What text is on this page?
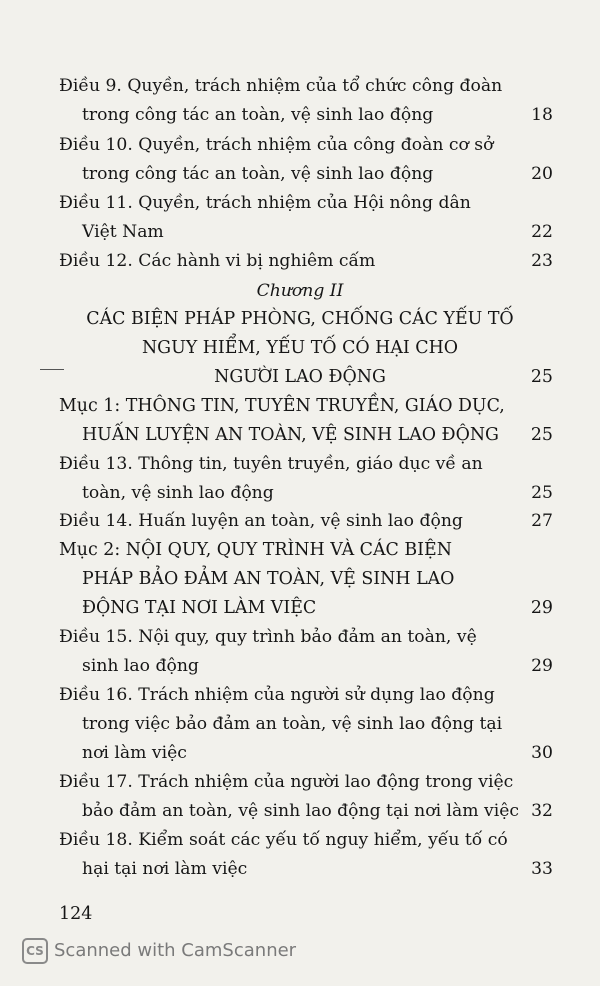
Điều 9. Quyền, trách nhiệm của tổ chức công đoàn
trong công tác an toàn, vệ sinh lao động	18
Điều 10. Quyền, trách nhiệm của công đoàn cơ sở
trong công tác an toàn, vệ sinh lao động	20
Điều 11. Quyền, trách nhiệm của Hội nông dân
Việt Nam	22
Điều 12. Các hành vi bị nghiêm cấm	23
Chương II
CÁC BIỆN PHÁP PHÒNG, CHỐNG CÁC YẾU TỐ
NGUY HIỂM, YẾU TỐ CÓ HẠI CHO
NGƯỜI LAO ĐỘNG	25
Mục 1: THÔNG TIN, TUYÊN TRUYỀN, GIÁO DỤC,
HUẤN LUYỆN AN TOÀN, VỆ SINH LAO ĐỘNG 25
Điều 13. Thông tin, tuyên truyền, giáo dục về an
toàn, vệ sinh lao động	25
Điều 14. Huấn luyện an toàn, vệ sinh lao động	27
Mục 2: NỘI QUY, QUY TRÌNH VÀ CÁC BIỆN
PHÁP BẢO ĐẢM AN TOÀN, VỆ SINH LAO
ĐỘNG TẠI NƠI LÀM VIỆC	29
Điều 15. Nội quy, quy trình bảo đảm an toàn, vệ
sinh lao động	29
Điều 16. Trách nhiệm của người sử dụng lao động
trong việc bảo đảm an toàn, vệ sinh lao động tại
nơi làm việc	30
Điều 17. Trách nhiệm của người lao động trong việc
bảo đảm an toàn, vệ sinh lao động tại nơi làm việc 32
Điều 18. Kiểm soát các yếu tố nguy hiểm, yếu tố có
hại tại nơi làm việc	33
124
CS Scanned with CamScanner
